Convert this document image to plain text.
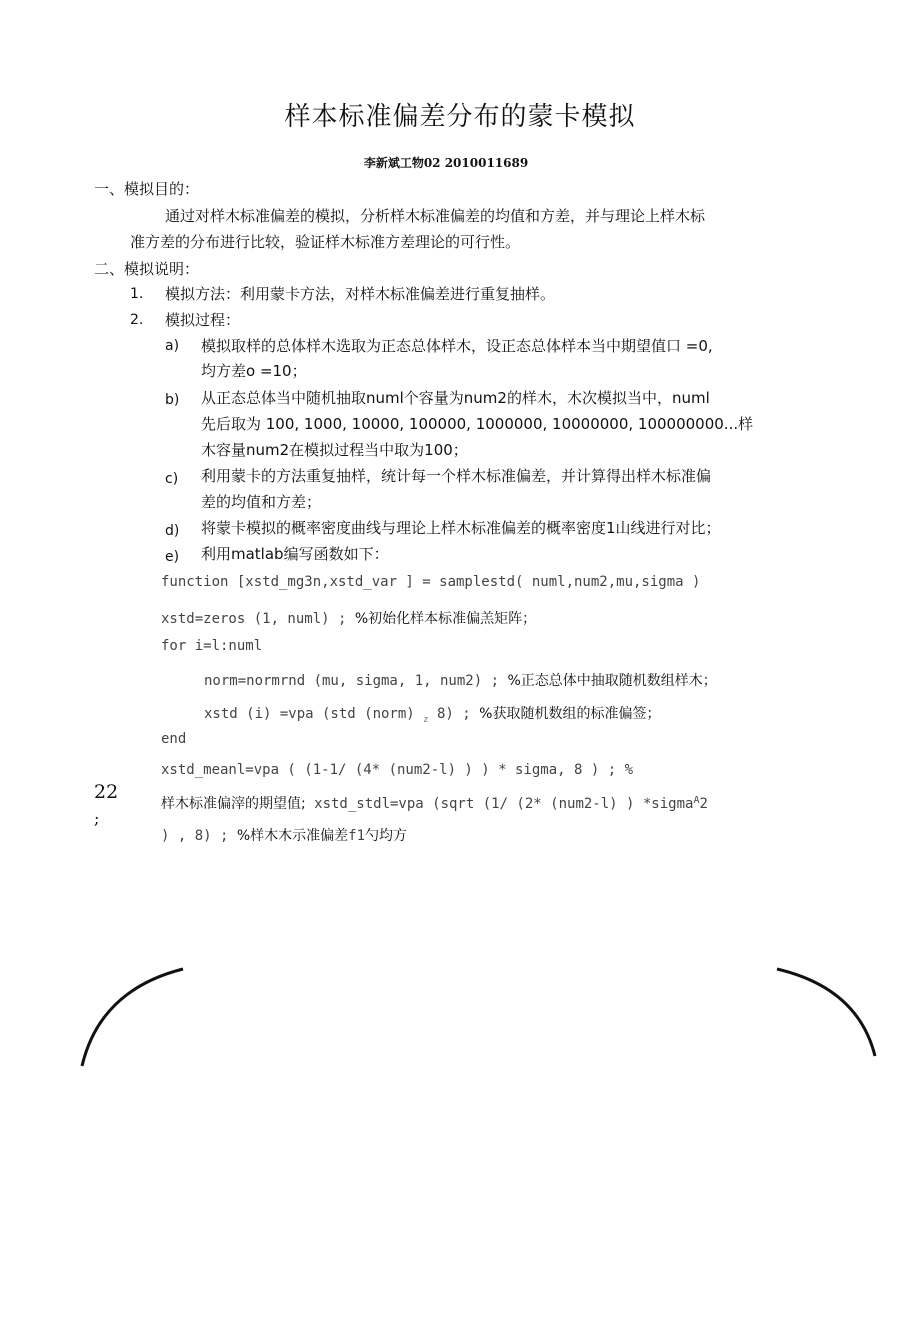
样本标准偏差分布的蒙卡模拟
李新斌工物02 2010011689
一、模拟目的：
通过对样木标准偏差的模拟，分析样木标准偏差的均值和方差，并与理论上样木标
准方差的分布进行比较，验证样木标准方差理论的可行性。
二、模拟说明：
1. 模拟方法：利用蒙卡方法，对样木标准偏差进行重复抽样。
2. 模拟过程：
a) 模拟取样的总体样木选取为正态总体样木，设正态总体样本当中期望值口 =0,
均方差o =10；
b) 从正态总体当中随机抽取numl个容量为num2的样木，木次模拟当中，numl
先后取为 100, 1000, 10000, 100000, 1000000, 10000000, 100000000...样
木容量num2在模拟过程当中取为100；
c) 利用蒙卡的方法重复抽样，统计每一个样木标准偏差，并计算得出样木标准偏
差的均值和方差；
d) 将蒙卡模拟的概率密度曲线与理论上样木标准偏差的概率密度1山线进行对比；
e) 利用matlab编写函数如下：
function [xstd_mg3n,xstd_var ] = samplestd( numl,num2,mu,sigma )
xstd=zeros (1, numl) ; %初始化样本标准偏羔矩阵；
for i=l:numl
norm=normrnd (mu, sigma, 1, num2) ; %正态总体中抽取随机数组样木；
xstd (i) =vpa (std (norm) $_z$ 8) ; %获取随机数组的标准偏签；
end
xstd_meanl=vpa ( (1-1/ (4* (num2-l) ) ) * sigma, 8 ) ; %
样木标准偏滓的期望值; xstd_stdl=vpa (sqrt (1/ (2* (num2-l) ) *sigma$^A$2
) , 8) ; %样木木示准偏差f1勺均方
22
;
